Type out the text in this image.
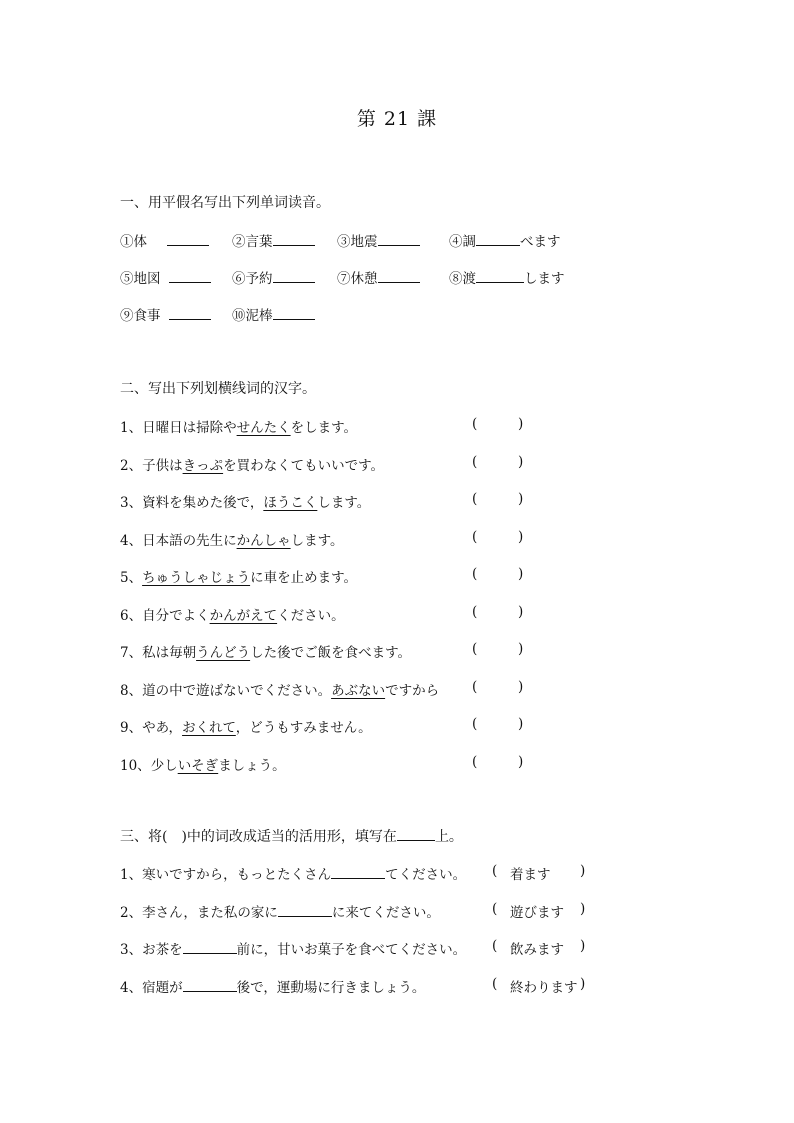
第 21 課
一、用平假名写出下列单词读音。
①体	②言葉	③地震	④調	べます
⑤地図	⑥予約	⑦休憩	⑧渡	します
⑨食事	⑩泥棒
二、写出下列划横线词的汉字。
1、日曜日は掃除やせんたくをします。	(	)
2、子供はきっぷを買わなくてもいいです。	(	)
3、資料を集めた後で，ほうこくします。	(	)
4、日本語の先生にかんしゃします。	(	)
5、ちゅうしゃじょうに車を止めます。	(	)
6、自分でよくかんがえてください。	(	)
7、私は毎朝うんどうした後でご飯を食べます。	(	)
8、道の中で遊ばないでください。あぶないですから (	)
9、やあ，おくれて，どうもすみません。	(	)
10、少しいそぎましょう。	(	)
三、将(　)中的词改成适当的活用形，填写在	上。
1、寒いですから，もっとたくさん	てください。 ( 着ます )
2、李さん，また私の家に	に来てください。	( 遊びます )
3、お茶を	前に，甘いお菓子を食べてください。 ( 飲みます )
4、宿題が	後で，運動場に行きましょう。	( 終わります )
